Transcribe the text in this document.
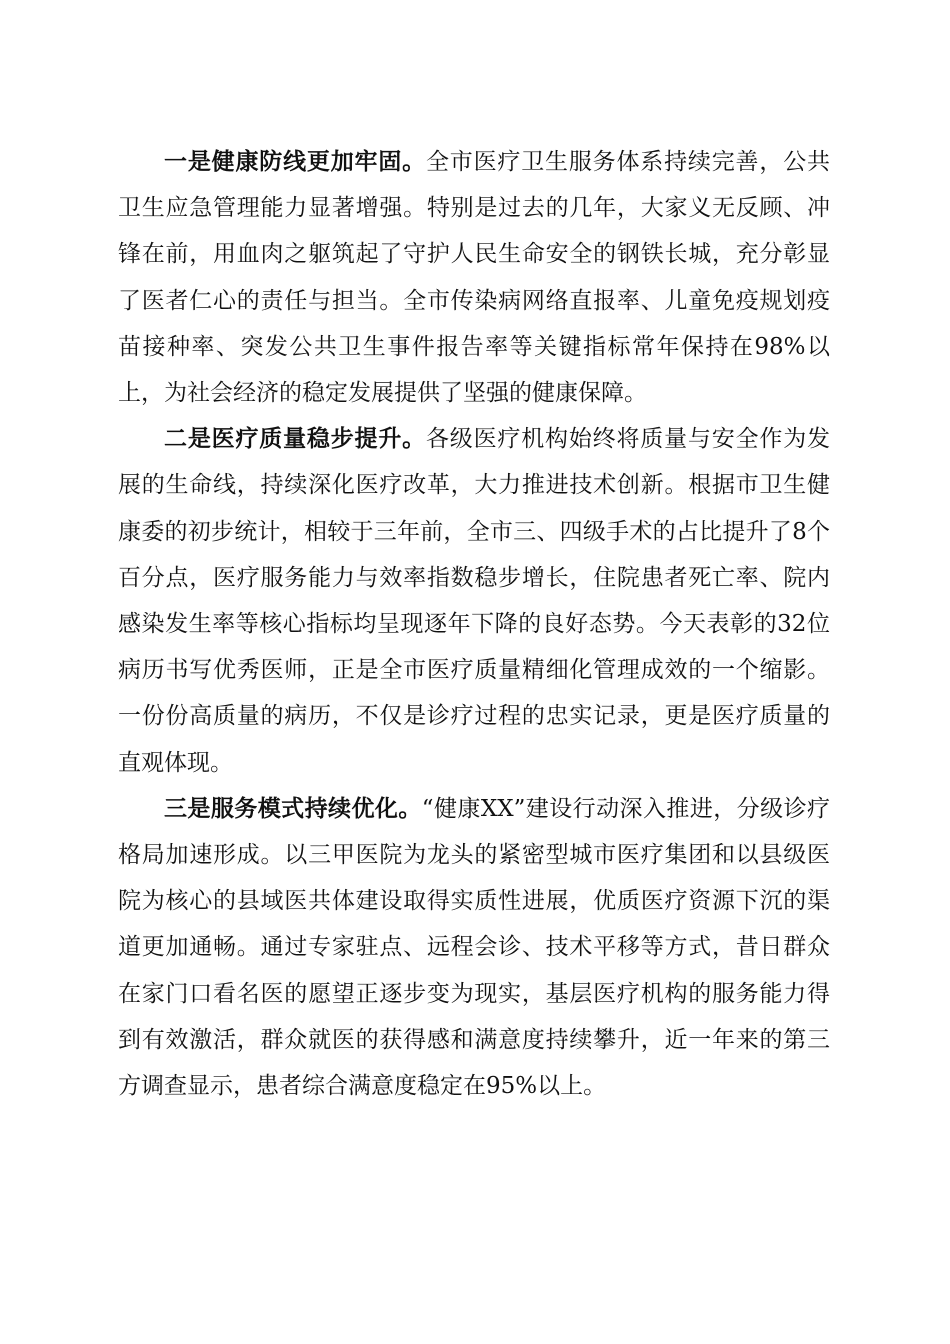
一是健康防线更加牢固。全市医疗卫生服务体系持续完善，公共卫生应急管理能力显著增强。特别是过去的几年，大家义无反顾、冲锋在前，用血肉之躯筑起了守护人民生命安全的钢铁长城，充分彰显了医者仁心的责任与担当。全市传染病网络直报率、儿童免疫规划疫苗接种率、突发公共卫生事件报告率等关键指标常年保持在98%以上，为社会经济的稳定发展提供了坚强的健康保障。

二是医疗质量稳步提升。各级医疗机构始终将质量与安全作为发展的生命线，持续深化医疗改革，大力推进技术创新。根据市卫生健康委的初步统计，相较于三年前，全市三、四级手术的占比提升了8个百分点，医疗服务能力与效率指数稳步增长，住院患者死亡率、院内感染发生率等核心指标均呈现逐年下降的良好态势。今天表彰的32位病历书写优秀医师，正是全市医疗质量精细化管理成效的一个缩影。一份份高质量的病历，不仅是诊疗过程的忠实记录，更是医疗质量的直观体现。

三是服务模式持续优化。“健康XX”建设行动深入推进，分级诊疗格局加速形成。以三甲医院为龙头的紧密型城市医疗集团和以县级医院为核心的县域医共体建设取得实质性进展，优质医疗资源下沉的渠道更加通畅。通过专家驻点、远程会诊、技术平移等方式，昔日群众在家门口看名医的愿望正逐步变为现实，基层医疗机构的服务能力得到有效激活，群众就医的获得感和满意度持续攀升，近一年来的第三方调查显示，患者综合满意度稳定在95%以上。
